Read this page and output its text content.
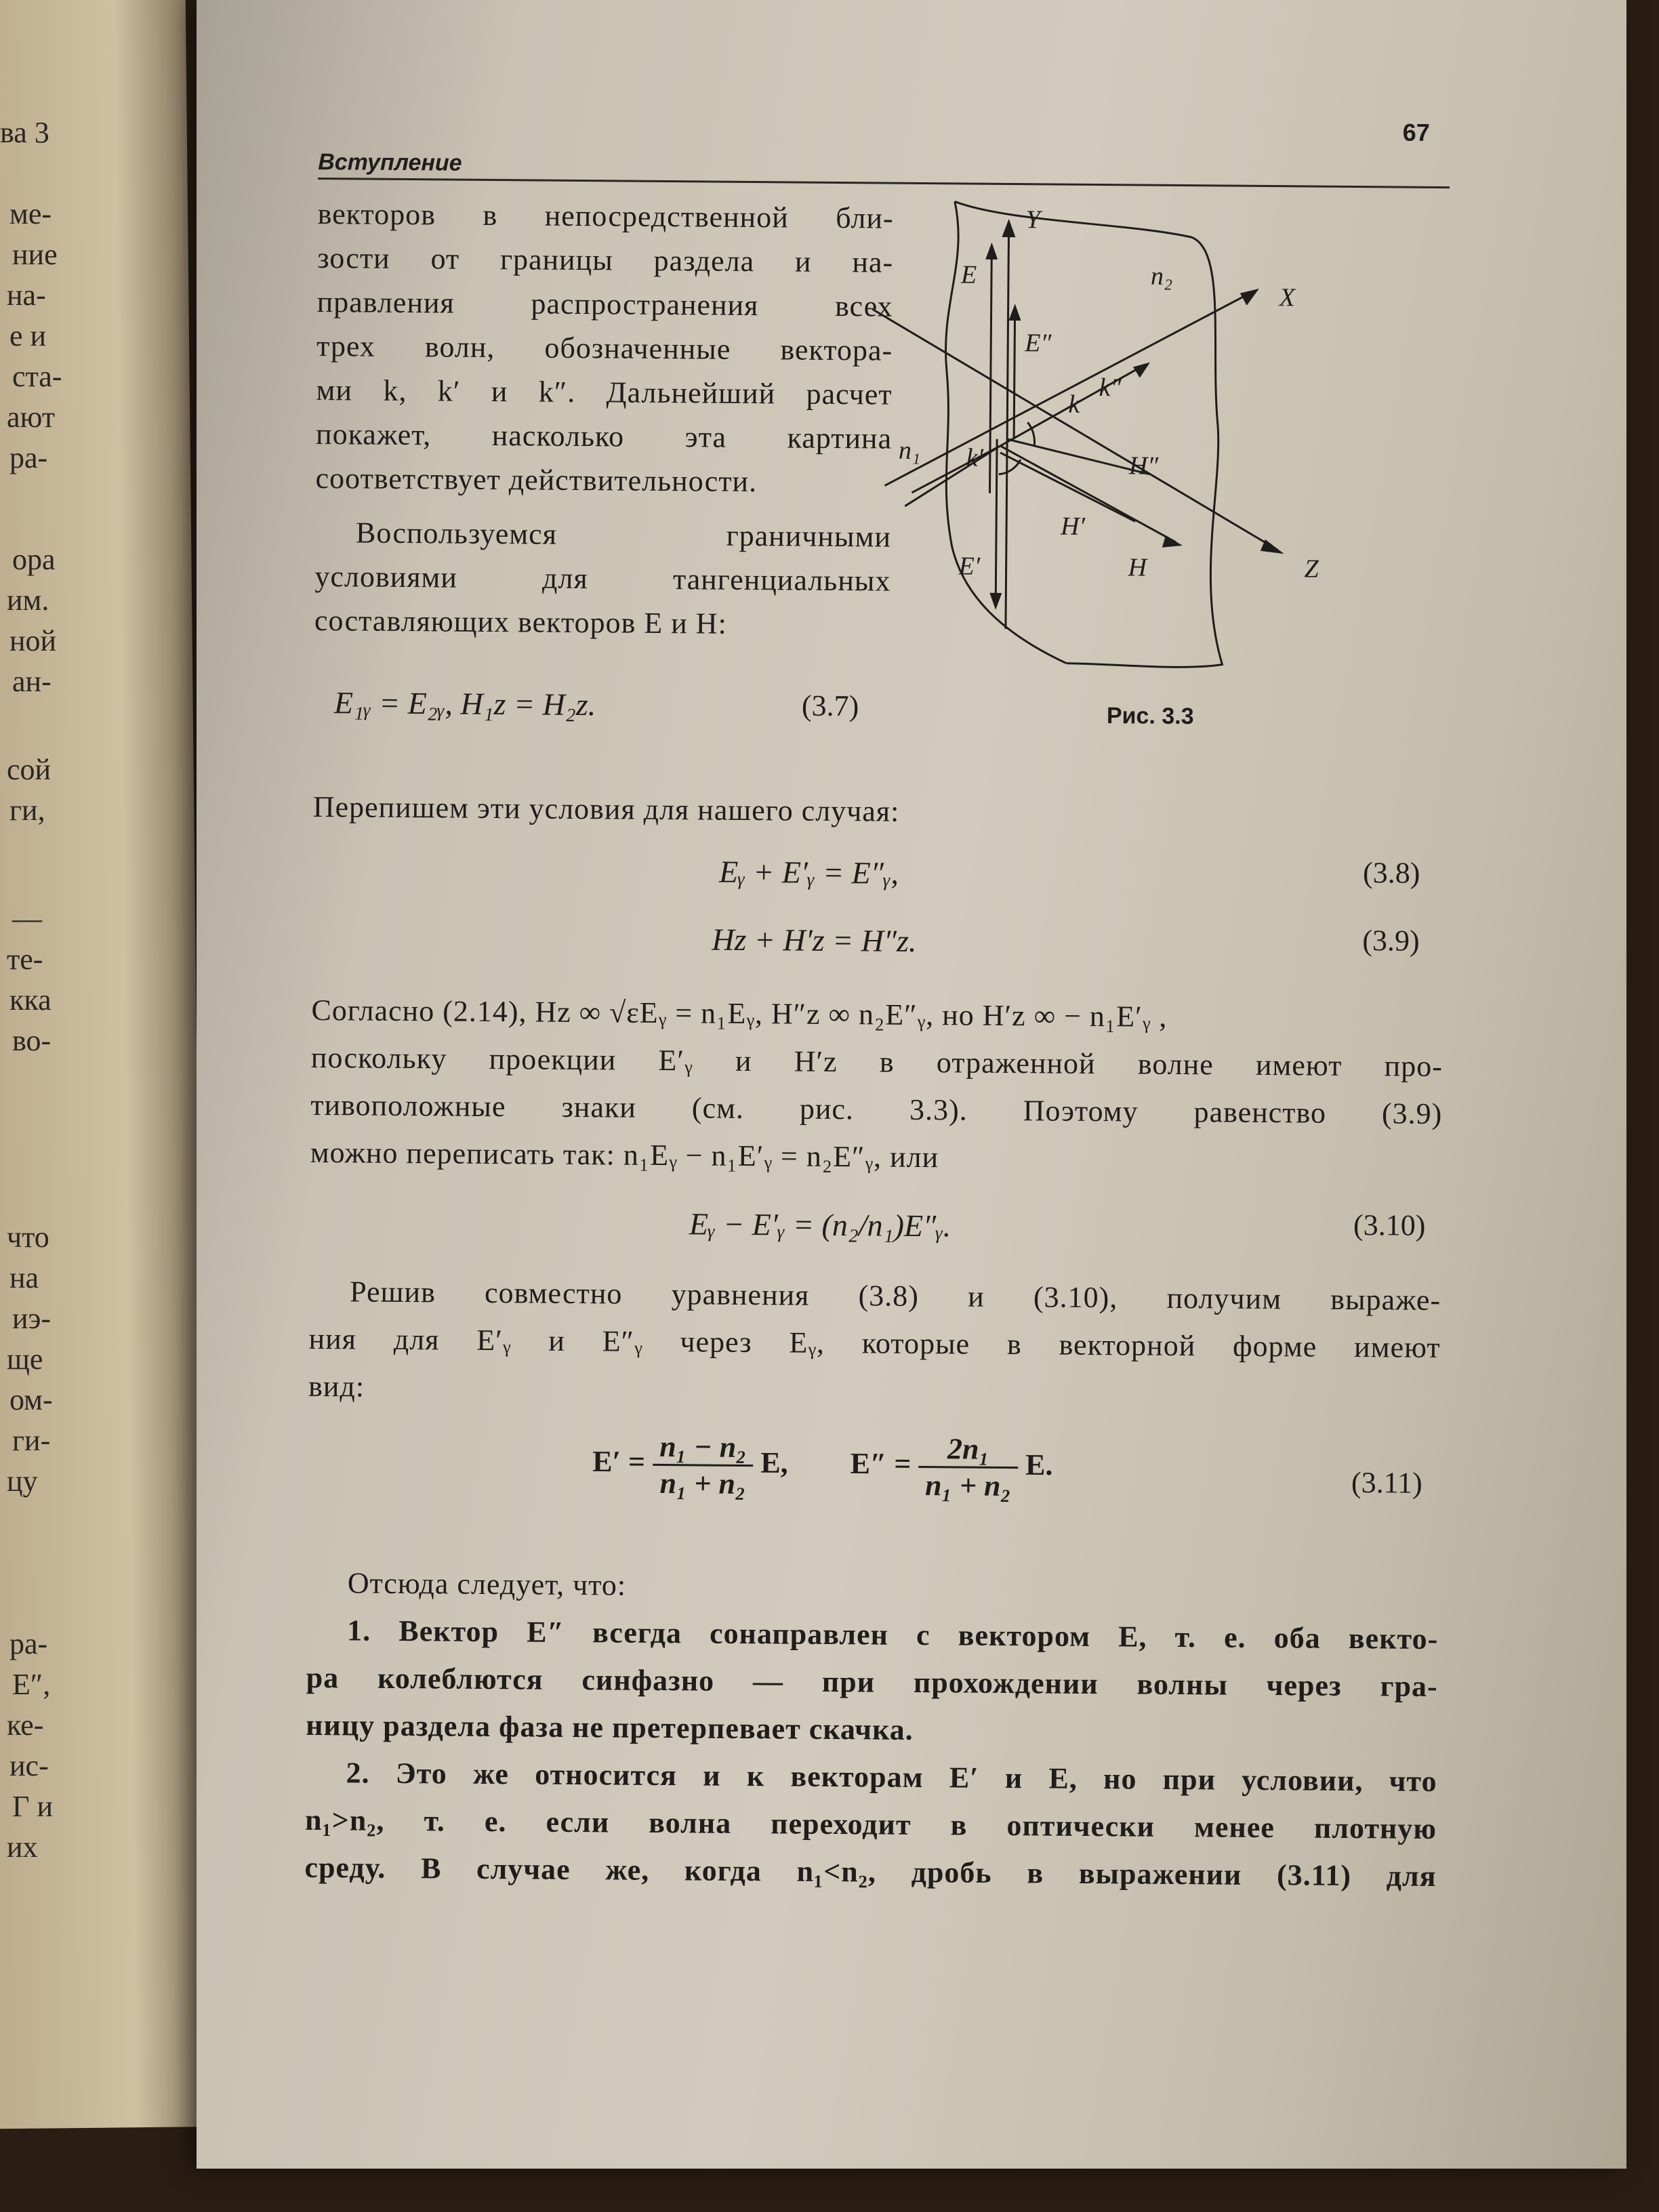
ва 3
ме-
ние
на-
е и
ста-
ают
ра-
ора
им.
ной
ан-
сой
ги,
—
те-
кка
во-
что
на
иэ-
ще
ом-
ги-
цу
ра-
Е″,
ке-
ис-
Г и
их
Вступление
67
векторов в непосредственной бли-
зости от границы раздела и на-
правления распространения всех
трех волн, обозначенные вектора-
ми k, k′ и k″. Дальнейший расчет
покажет, насколько эта картина
соответствует действительности.
Воспользуемся граничными
условиями для тангенциальных
составляющих векторов E и H:
E₁ᵧ = E₂ᵧ, H₁z = H₂z.	(3.7)
Y
X
Z
E
E″
E′
k
k′
k″
H
H′
H″
n₁
n₂
Рис. 3.3
Перепишем эти условия для нашего случая:
Eᵧ + E′ᵧ = E″ᵧ,	(3.8)
Hz + H′z = H″z.	(3.9)
Согласно (2.14), Hz ∞ √εEᵧ = n₁Eᵧ, H″z ∞ n₂E″ᵧ, но H′z ∞ − n₁E′ᵧ ,
поскольку проекции E′ᵧ и H′z в отраженной волне имеют про-
тивоположные знаки (см. рис. 3.3). Поэтому равенство (3.9)
можно переписать так: n₁Eᵧ − n₁E′ᵧ = n₂E″ᵧ, или
Eᵧ − E′ᵧ = (n₂/n₁)E″ᵧ.	(3.10)
Решив совместно уравнения (3.8) и (3.10), получим выраже-
ния для E′ᵧ и E″ᵧ через Eᵧ, которые в векторной форме имеют
вид:
$E' = \frac{\text{n₁ − n₂}}{\text{n₁ + n₂}} E$, $E'' = \frac{\text{2n₁}}{\text{n₁ + n₂}} E$.
(3.11)
Отсюда следует, что:
1. Вектор E″ всегда сонаправлен с вектором E, т. е. оба векто-
ра колеблются синфазно — при прохождении волны через гра-
ницу раздела фаза не претерпевает скачка.
2. Это же относится и к векторам E′ и E, но при условии, что
n₁>n₂, т. е. если волна переходит в оптически менее плотную
среду. В случае же, когда n₁<n₂, дробь в выражении (3.11) для
